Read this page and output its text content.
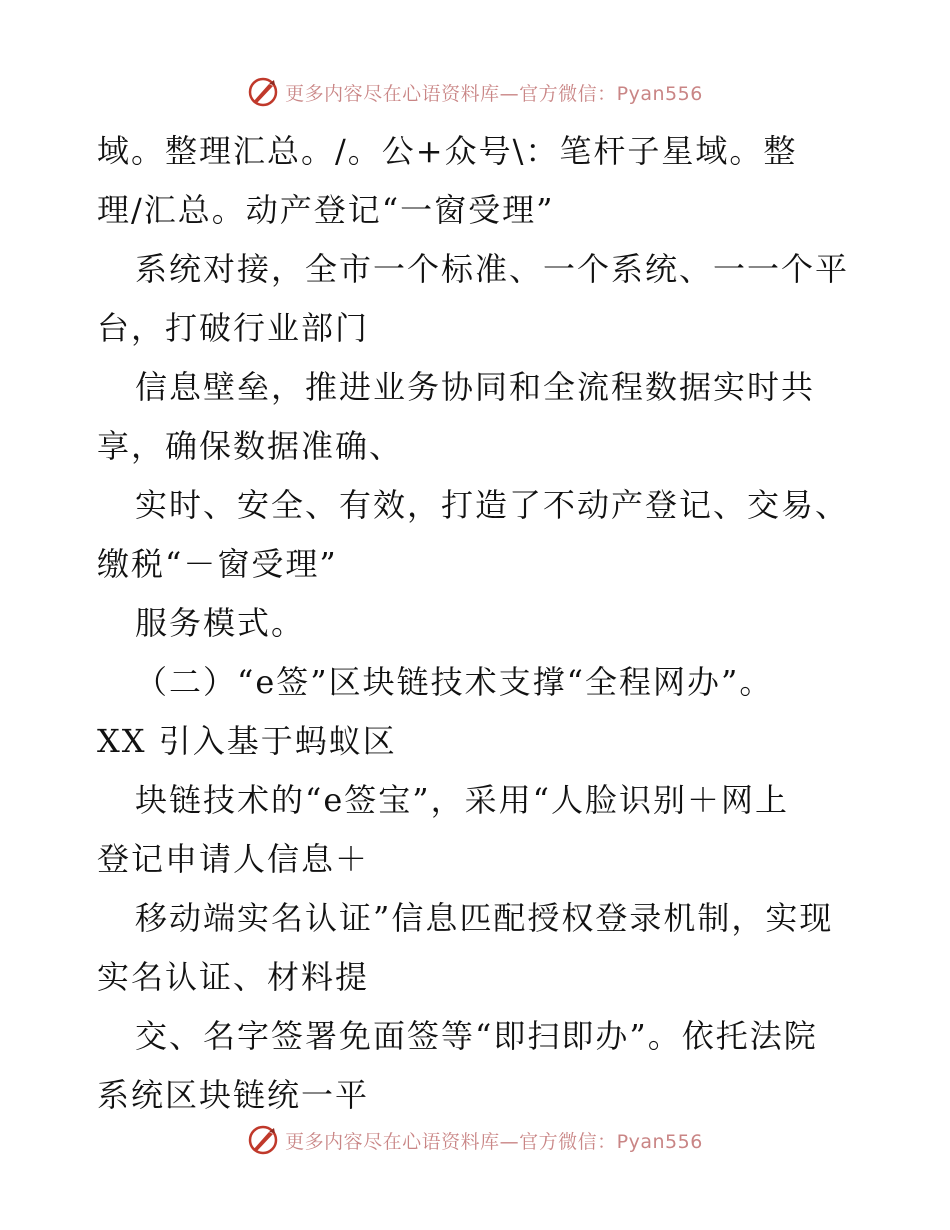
更多内容尽在心语资料库—官方微信：Pyan556
域。整理汇总。/。公+众号\：笔杆子星域。整
理/汇总。动产登记“一窗受理”
系统对接，全市一个标准、一个系统、一一个平
台，打破行业部门
信息壁垒，推进业务协同和全流程数据实时共
享，确保数据准确、
实时、安全、有效，打造了不动产登记、交易、
缴税“－窗受理”
服务模式。
（二）“e签”区块链技术支撑“全程网办”。
XX 引入基于蚂蚁区
块链技术的“e签宝”，采用“人脸识别＋网上
登记申请人信息＋
移动端实名认证”信息匹配授权登录机制，实现
实名认证、材料提
交、名字签署免面签等“即扫即办”。依托法院
系统区块链统一平
更多内容尽在心语资料库—官方微信：Pyan556
